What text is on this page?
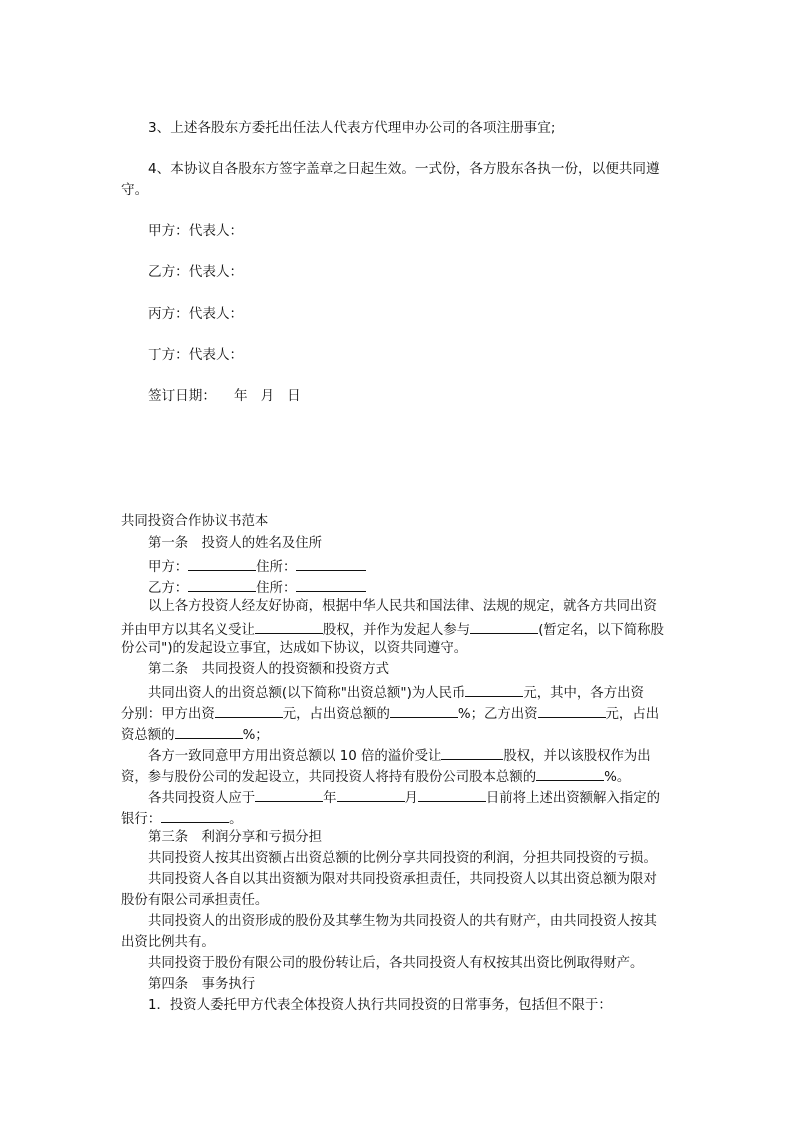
3、上述各股东方委托出任法人代表方代理申办公司的各项注册事宜;
4、本协议自各股东方签字盖章之日起生效。一式份，各方股东各执一份，以便共同遵
守。
甲方：代表人：
乙方：代表人：
丙方：代表人：
丁方：代表人：
签订日期： 年 月 日
共同投资合作协议书范本
第一条　投资人的姓名及住所
甲方：	住所：
乙方：	住所：
以上各方投资人经友好协商，根据中华人民共和国法律、法规的规定，就各方共同出资
并由甲方以其名义受让	股权，并作为发起人参与	(暂定名，以下简称股
份公司")的发起设立事宜，达成如下协议，以资共同遵守。
第二条　共同投资人的投资额和投资方式
共同出资人的出资总额(以下简称"出资总额")为人民币	元，其中，各方出资
分别：甲方出资	元，占出资总额的	%；乙方出资	元，占出
资总额的	%；
各方一致同意甲方用出资总额以 10 倍的溢价受让	股权，并以该股权作为出
资，参与股份公司的发起设立，共同投资人将持有股份公司股本总额的	%。
各共同投资人应于	年	月	日前将上述出资额解入指定的
银行：	。
第三条　利润分享和亏损分担
共同投资人按其出资额占出资总额的比例分享共同投资的利润，分担共同投资的亏损。
共同投资人各自以其出资额为限对共同投资承担责任，共同投资人以其出资总额为限对
股份有限公司承担责任。
共同投资人的出资形成的股份及其孳生物为共同投资人的共有财产，由共同投资人按其
出资比例共有。
共同投资于股份有限公司的股份转让后，各共同投资人有权按其出资比例取得财产。
第四条　事务执行
1．投资人委托甲方代表全体投资人执行共同投资的日常事务，包括但不限于：
